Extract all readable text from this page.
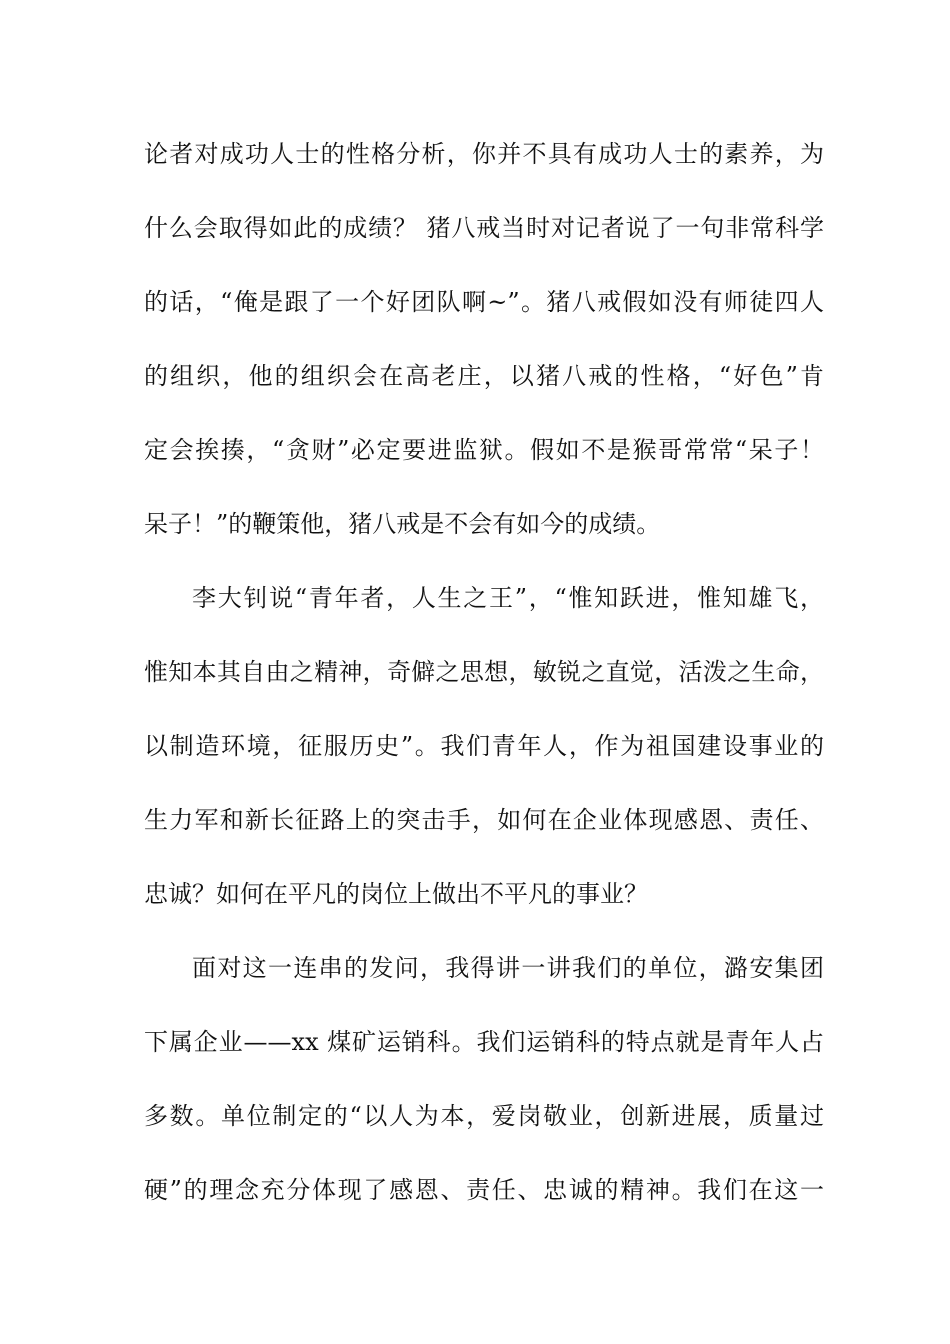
论者对成功人士的性格分析，你并不具有成功人士的素养，为
什么会取得如此的成绩？ 猪八戒当时对记者说了一句非常科学
的话，“俺是跟了一个好团队啊~”。猪八戒假如没有师徒四人
的组织，他的组织会在高老庄，以猪八戒的性格，“好色”肯
定会挨揍，“贪财”必定要进监狱。假如不是猴哥常常“呆子！
呆子！”的鞭策他，猪八戒是不会有如今的成绩。
李大钊说“青年者，人生之王”，“惟知跃进，惟知雄飞，
惟知本其自由之精神，奇僻之思想，敏锐之直觉，活泼之生命，
以制造环境，征服历史”。我们青年人，作为祖国建设事业的
生力军和新长征路上的突击手，如何在企业体现感恩、责任、
忠诚？如何在平凡的岗位上做出不平凡的事业？
面对这一连串的发问，我得讲一讲我们的单位，潞安集团
下属企业——xx 煤矿运销科。我们运销科的特点就是青年人占
多数。单位制定的“以人为本，爱岗敬业，创新进展，质量过
硬”的理念充分体现了感恩、责任、忠诚的精神。我们在这一
